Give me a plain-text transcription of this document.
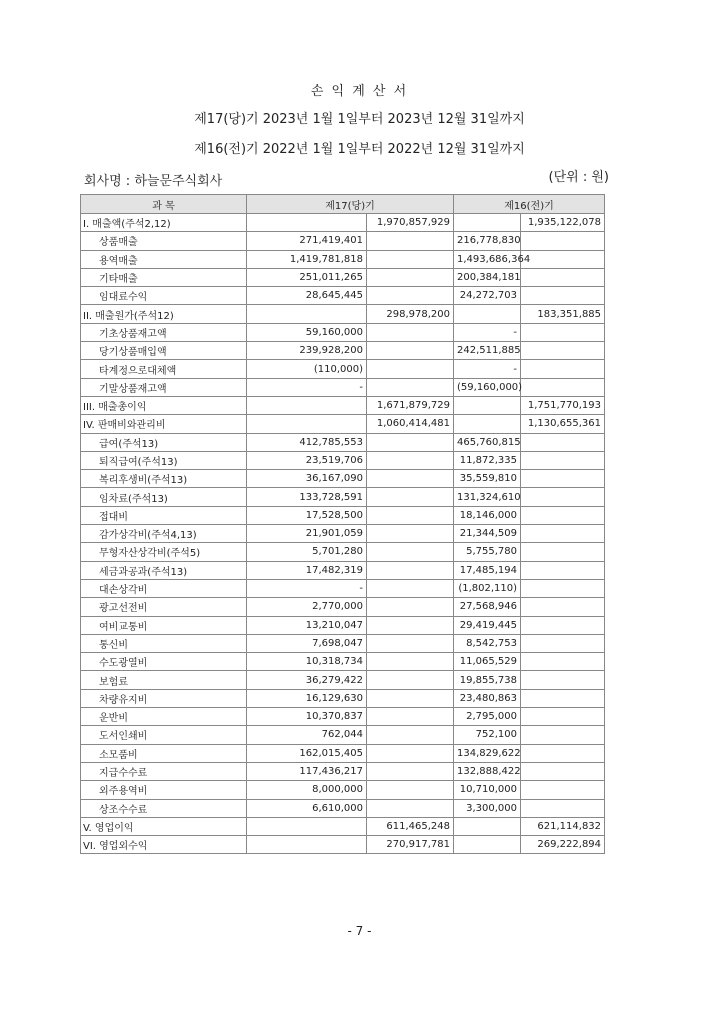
손 익 계 산 서
제17(당)기 2023년 1월 1일부터 2023년 12월 31일까지
제16(전)기 2022년 1월 1일부터 2022년 12월 31일까지
회사명 : 하늘문주식회사	(단위 : 원)
과 목	제17(당)기		제16(전)기	
I. 매출액(주석2,12)		1,970,857,929		1,935,122,078
상품매출	271,419,401		216,778,830	
용역매출	1,419,781,818		1,493,686,364	
기타매출	251,011,265		200,384,181	
임대료수익	28,645,445		24,272,703	
II. 매출원가(주석12)		298,978,200		183,351,885
기초상품재고액	59,160,000		-	
당기상품매입액	239,928,200		242,511,885	
타계정으로대체액	(110,000)		-	
기말상품재고액	-		(59,160,000)	
III. 매출총이익		1,671,879,729		1,751,770,193
IV. 판매비와관리비		1,060,414,481		1,130,655,361
급여(주석13)	412,785,553		465,760,815	
퇴직급여(주석13)	23,519,706		11,872,335	
복리후생비(주석13)	36,167,090		35,559,810	
임차료(주석13)	133,728,591		131,324,610	
접대비	17,528,500		18,146,000	
감가상각비(주석4,13)	21,901,059		21,344,509	
무형자산상각비(주석5)	5,701,280		5,755,780	
세금과공과(주석13)	17,482,319		17,485,194	
대손상각비	-		(1,802,110)	
광고선전비	2,770,000		27,568,946	
여비교통비	13,210,047		29,419,445	
통신비	7,698,047		8,542,753	
수도광열비	10,318,734		11,065,529	
보험료	36,279,422		19,855,738	
차량유지비	16,129,630		23,480,863	
운반비	10,370,837		2,795,000	
도서인쇄비	762,044		752,100	
소모품비	162,015,405		134,829,622	
지급수수료	117,436,217		132,888,422	
외주용역비	8,000,000		10,710,000	
상조수수료	6,610,000		3,300,000	
V. 영업이익		611,465,248		621,114,832
VI. 영업외수익		270,917,781		269,222,894
- 7 -
